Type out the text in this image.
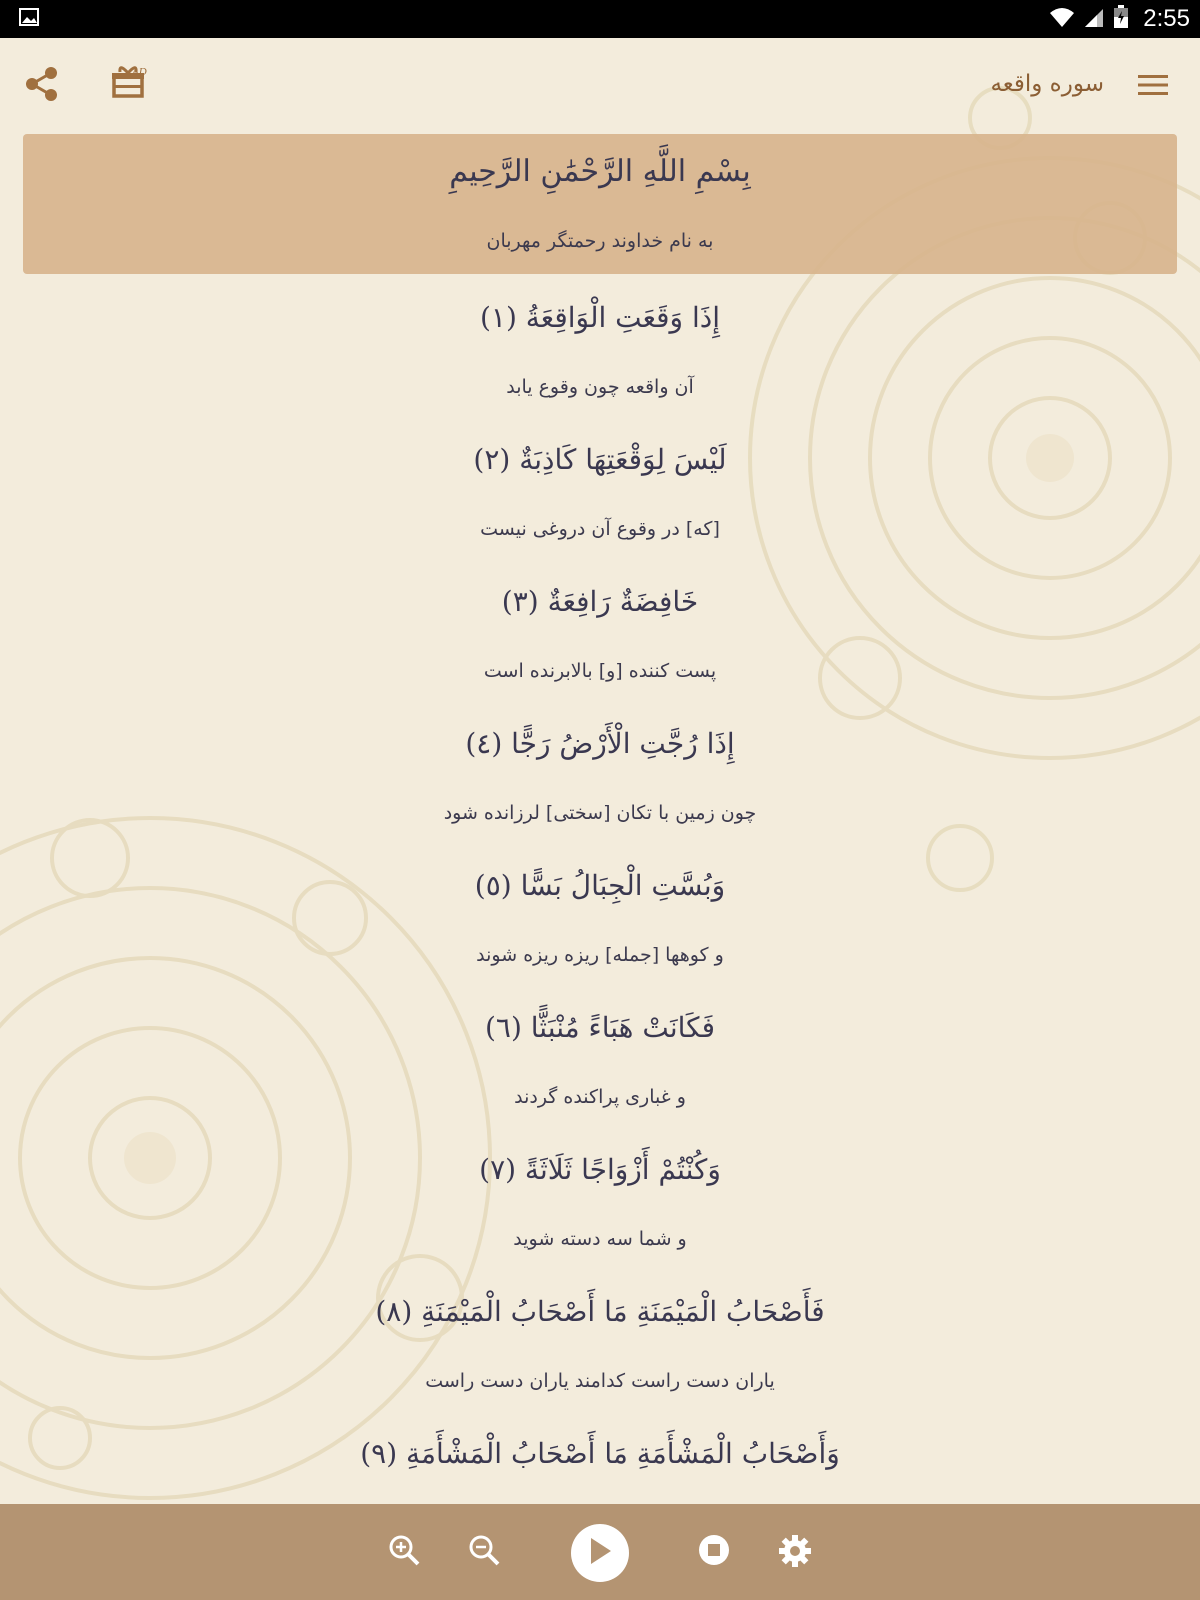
2:55
AD	سوره واقعه
بِسْمِ اللَّهِ الرَّحْمَٰنِ الرَّحِيمِ
به نام خداوند رحمتگر مهربان
إِذَا وَقَعَتِ الْوَاقِعَةُ (١)
آن واقعه چون وقوع یابد
لَيْسَ لِوَقْعَتِهَا كَاذِبَةٌ (٢)
[كه] در وقوع آن دروغى نيست
خَافِضَةٌ رَافِعَةٌ (٣)
پست كننده [و] بالابرنده است
إِذَا رُجَّتِ الْأَرْضُ رَجًّا (٤)
چون زمين با تكان [سختى] لرزانده شود
وَبُسَّتِ الْجِبَالُ بَسًّا (٥)
و كوهها [جمله] ريزه ريزه شوند
فَكَانَتْ هَبَاءً مُنْبَثًّا (٦)
و غبارى پراكنده گردند
وَكُنْتُمْ أَزْوَاجًا ثَلَاثَةً (٧)
و شما سه دسته شويد
فَأَصْحَابُ الْمَيْمَنَةِ مَا أَصْحَابُ الْمَيْمَنَةِ (٨)
ياران دست راست كدامند ياران دست راست
وَأَصْحَابُ الْمَشْأَمَةِ مَا أَصْحَابُ الْمَشْأَمَةِ (٩)
